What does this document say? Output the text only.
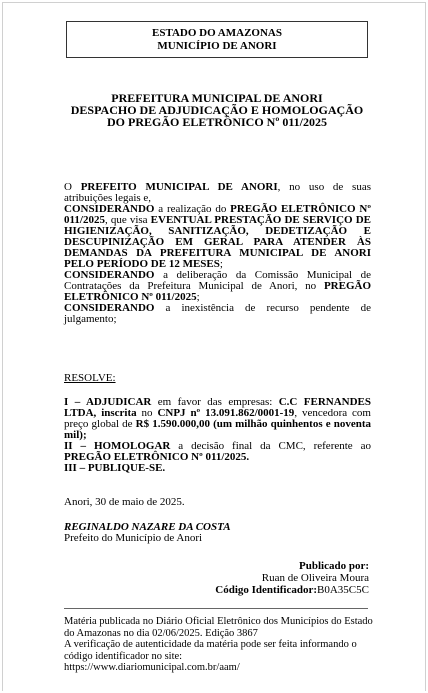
ESTADO DO AMAZONAS
MUNICÍPIO DE ANORI
PREFEITURA MUNICIPAL DE ANORI
DESPACHO DE ADJUDICAÇÃO E HOMOLOGAÇÃO
DO PREGÃO ELETRÔNICO Nº 011/2025

O PREFEITO MUNICIPAL DE ANORI, no uso de suas atribuições legais e,

CONSIDERANDO a realização do PREGÃO ELETRÔNICO Nº 011/2025, que visa EVENTUAL PRESTAÇÃO DE SERVIÇO DE HIGIENIZAÇÃO, SANITIZAÇÃO, DEDETIZAÇÃO E DESCUPINIZAÇÃO EM GERAL PARA ATENDER ÀS DEMANDAS DA PREFEITURA MUNICIPAL DE ANORI PELO PERÍODO DE 12 MESES;

CONSIDERANDO a deliberação da Comissão Municipal de Contratações da Prefeitura Municipal de Anori, no PREGÃO ELETRÔNICO Nº 011/2025;

CONSIDERANDO a inexistência de recurso pendente de julgamento;

RESOLVE:

I – ADJUDICAR em favor das empresas: C.C FERNANDES LTDA, inscrita no CNPJ nº 13.091.862/0001-19, vencedora com preço global de R$ 1.590.000,00 (um milhão quinhentos e noventa mil);

II – HOMOLOGAR a decisão final da CMC, referente ao PREGÃO ELETRÔNICO Nº 011/2025.

III – PUBLIQUE-SE.

Anori, 30 de maio de 2025.

REGINALDO NAZARE DA COSTA

Prefeito do Município de Anori

Publicado por:
Ruan de Oliveira Moura
Código Identificador:B0A35C5C

Matéria publicada no Diário Oficial Eletrônico dos Municípios do Estado do Amazonas no dia 02/06/2025. Edição 3867

A verificação de autenticidade da matéria pode ser feita informando o código identificador no site:

https://www.diariomunicipal.com.br/aam/
